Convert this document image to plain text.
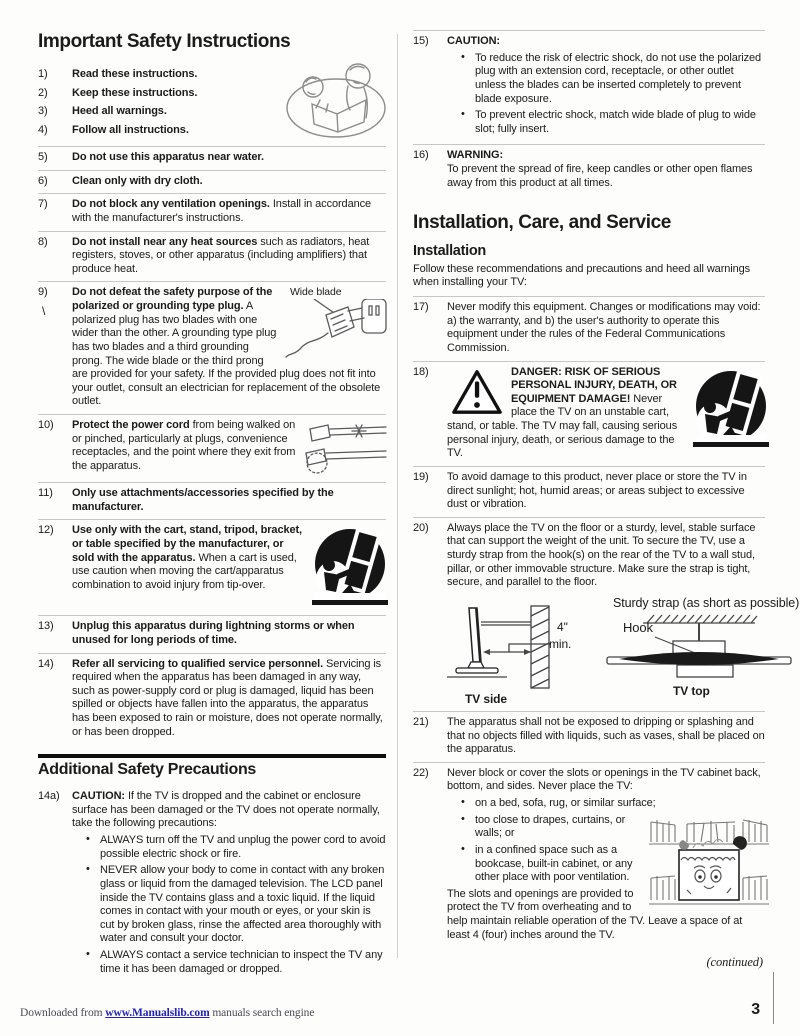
Important Safety Instructions
1) Read these instructions.
2) Keep these instructions.
3) Heed all warnings.
4) Follow all instructions.
5) Do not use this apparatus near water.
6) Clean only with dry cloth.
7) Do not block any ventilation openings. Install in accordance with the manufacturer's instructions.
8) Do not install near any heat sources such as radiators, heat registers, stoves, or other apparatus (including amplifiers) that produce heat.
9)
\
Wide blade
Do not defeat the safety purpose of the polarized or grounding type plug. A polarized plug has two blades with one wider than the other. A grounding type plug has two blades and a third grounding prong. The wide blade or the third prong are provided for your safety. If the provided plug does not fit into your outlet, consult an electrician for replacement of the obsolete outlet.
10) Protect the power cord from being walked on or pinched, particularly at plugs, convenience receptacles, and the point where they exit from the apparatus.
11) Only use attachments/accessories specified by the manufacturer.
12) Use only with the cart, stand, tripod, bracket, or table specified by the manufacturer, or sold with the apparatus. When a cart is used, use caution when moving the cart/apparatus combination to avoid injury from tip-over.
13) Unplug this apparatus during lightning storms or when unused for long periods of time.
14) Refer all servicing to qualified service personnel. Servicing is required when the apparatus has been damaged in any way, such as power-supply cord or plug is damaged, liquid has been spilled or objects have fallen into the apparatus, the apparatus has been exposed to rain or moisture, does not operate normally, or has been dropped.
Additional Safety Precautions
14a) CAUTION: If the TV is dropped and the cabinet or enclosure surface has been damaged or the TV does not operate normally, take the following precautions:
• ALWAYS turn off the TV and unplug the power cord to avoid possible electric shock or fire.
• NEVER allow your body to come in contact with any broken glass or liquid from the damaged television. The LCD panel inside the TV contains glass and a toxic liquid. If the liquid comes in contact with your mouth or eyes, or your skin is cut by broken glass, rinse the affected area thoroughly with water and consult your doctor.
• ALWAYS contact a service technician to inspect the TV any time it has been damaged or dropped.
15) CAUTION:
• To reduce the risk of electric shock, do not use the polarized plug with an extension cord, receptacle, or other outlet unless the blades can be inserted completely to prevent blade exposure.
• To prevent electric shock, match wide blade of plug to wide slot; fully insert.
16) WARNING:
To prevent the spread of fire, keep candles or other open flames away from this product at all times.
Installation, Care, and Service
Installation
Follow these recommendations and precautions and heed all warnings when installing your TV:
17) Never modify this equipment. Changes or modifications may void: a) the warranty, and b) the user's authority to operate this equipment under the rules of the Federal Communications Commission.
18)	DANGER: RISK OF SERIOUS PERSONAL INJURY, DEATH, OR EQUIPMENT DAMAGE! Never place the TV on an unstable cart, stand, or table. The TV may fall, causing serious personal injury, death, or serious damage to the TV.
19) To avoid damage to this product, never place or store the TV in direct sunlight; hot, humid areas; or areas subject to excessive dust or vibration.
20) Always place the TV on the floor or a sturdy, level, stable surface that can support the weight of the unit. To secure the TV, use a sturdy strap from the hook(s) on the rear of the TV to a wall stud, pillar, or other immovable structure. Make sure the strap is tight, secure, and parallel to the floor.
4"
min.
TV side
Sturdy strap (as short as possible)
Hook
TV top
21) The apparatus shall not be exposed to dripping or splashing and that no objects filled with liquids, such as vases, shall be placed on the apparatus.
22) Never block or cover the slots or openings in the TV cabinet back, bottom, and sides. Never place the TV:
• on a bed, sofa, rug, or similar surface;
• too close to drapes, curtains, or walls; or
• in a confined space such as a bookcase, built-in cabinet, or any other place with poor ventilation.
The slots and openings are provided to protect the TV from overheating and to help maintain reliable operation of the TV. Leave a space of at least 4 (four) inches around the TV.
(continued)
Downloaded from www.Manualslib.com manuals search engine	3
